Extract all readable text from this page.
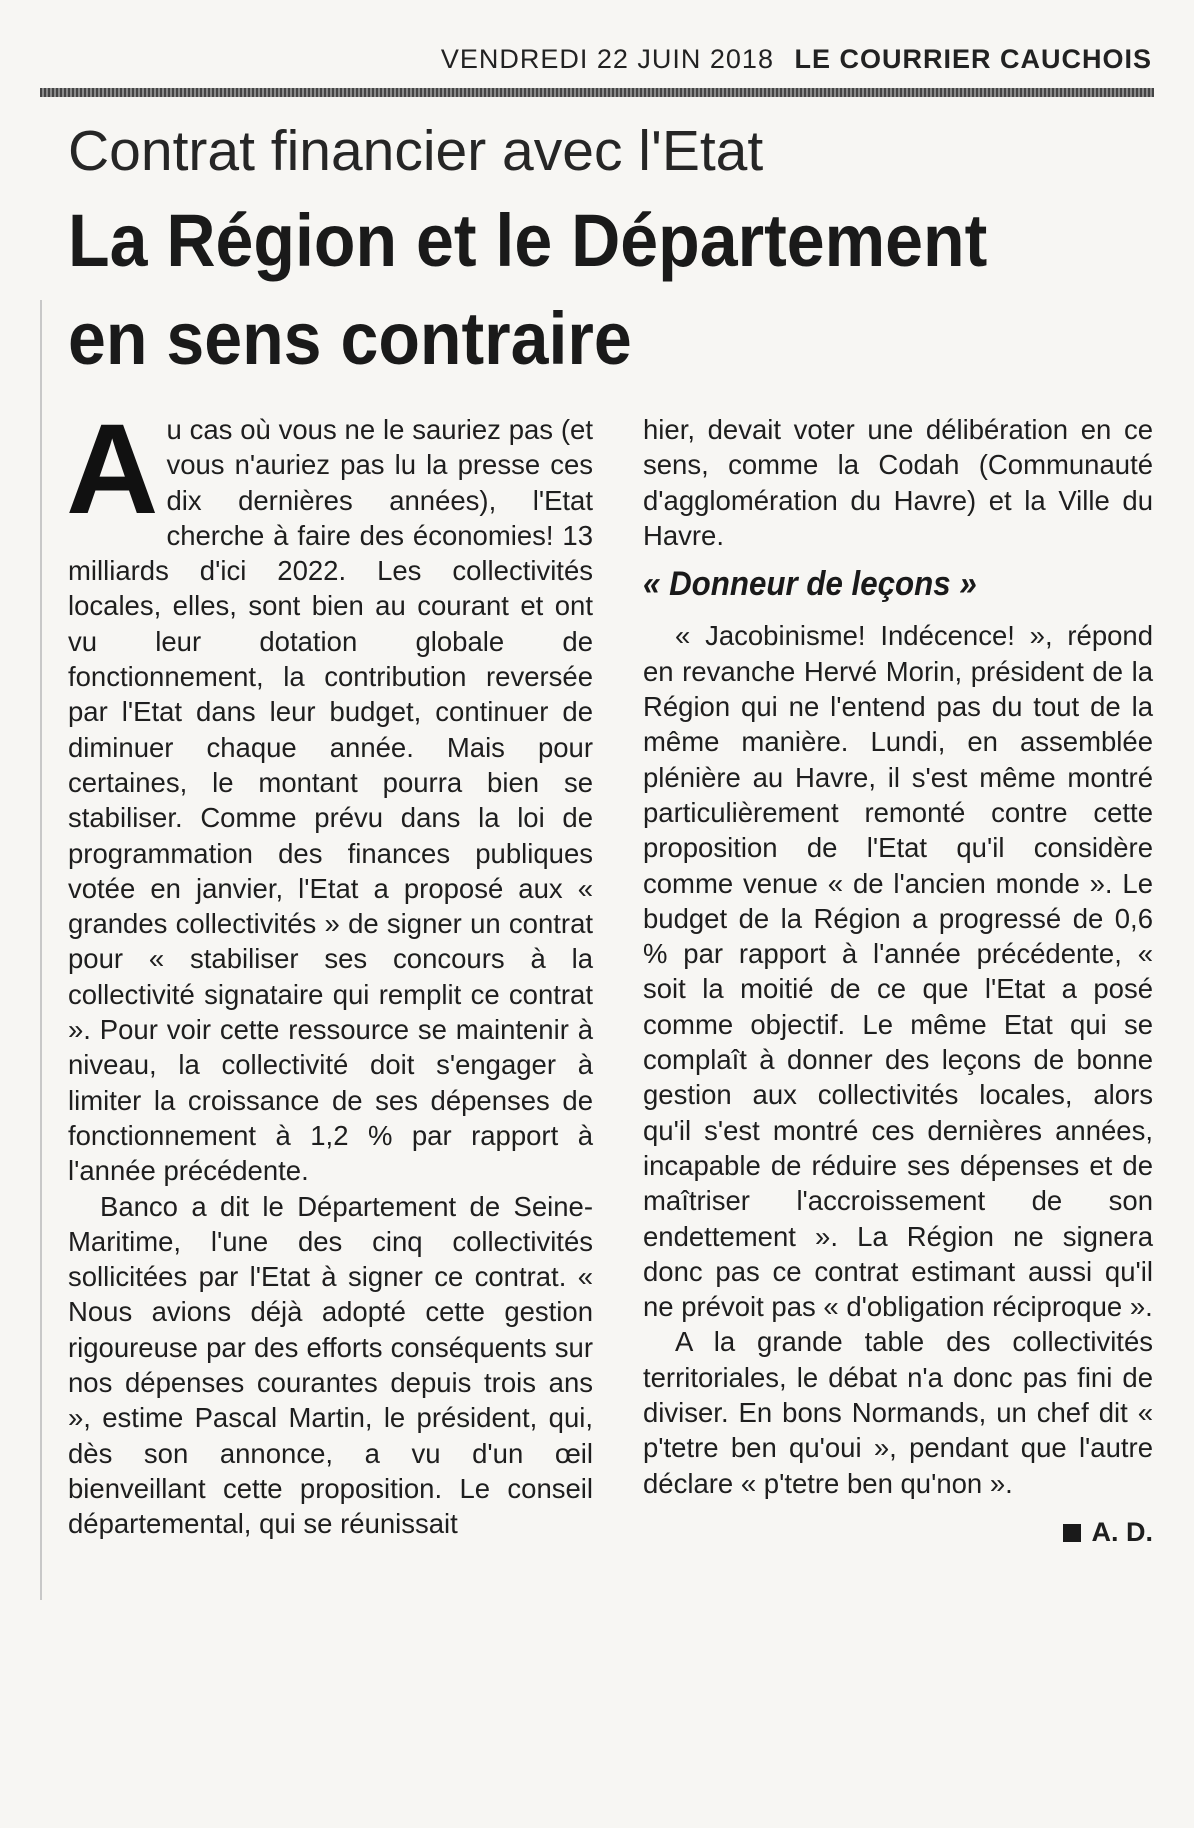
VENDREDI 22 JUIN 2018 LE COURRIER CAUCHOIS
Contrat financier avec l'Etat
La Région et le Département
en sens contraire

Au cas où vous ne le sauriez pas (et vous n'auriez pas lu la presse ces dix dernières années), l'Etat cherche à faire des économies! 13 milliards d'ici 2022. Les collectivités locales, elles, sont bien au courant et ont vu leur dotation globale de fonctionnement, la contribution reversée par l'Etat dans leur budget, continuer de diminuer chaque année. Mais pour certaines, le montant pourra bien se stabiliser. Comme prévu dans la loi de programmation des finances publiques votée en janvier, l'Etat a proposé aux « grandes collectivités » de signer un contrat pour « stabiliser ses concours à la collectivité signataire qui remplit ce contrat ». Pour voir cette ressource se maintenir à niveau, la collectivité doit s'engager à limiter la croissance de ses dépenses de fonctionnement à 1,2 % par rapport à l'année précédente.

Banco a dit le Département de Seine-Maritime, l'une des cinq collectivités sollicitées par l'Etat à signer ce contrat. « Nous avions déjà adopté cette gestion rigoureuse par des efforts conséquents sur nos dépenses courantes depuis trois ans », estime Pascal Martin, le président, qui, dès son annonce, a vu d'un œil bienveillant cette proposition. Le conseil départemental, qui se réunissait

hier, devait voter une délibération en ce sens, comme la Codah (Communauté d'agglomération du Havre) et la Ville du Havre.

« Donneur de leçons »

« Jacobinisme! Indécence! », répond en revanche Hervé Morin, président de la Région qui ne l'entend pas du tout de la même manière. Lundi, en assemblée plénière au Havre, il s'est même montré particulièrement remonté contre cette proposition de l'Etat qu'il considère comme venue « de l'ancien monde ». Le budget de la Région a progressé de 0,6 % par rapport à l'année précédente, « soit la moitié de ce que l'Etat a posé comme objectif. Le même Etat qui se complaît à donner des leçons de bonne gestion aux collectivités locales, alors qu'il s'est montré ces dernières années, incapable de réduire ses dépenses et de maîtriser l'accroissement de son endettement ». La Région ne signera donc pas ce contrat estimant aussi qu'il ne prévoit pas « d'obligation réciproque ».

A la grande table des collectivités territoriales, le débat n'a donc pas fini de diviser. En bons Normands, un chef dit « p'tetre ben qu'oui », pendant que l'autre déclare « p'tetre ben qu'non ».

A. D.
